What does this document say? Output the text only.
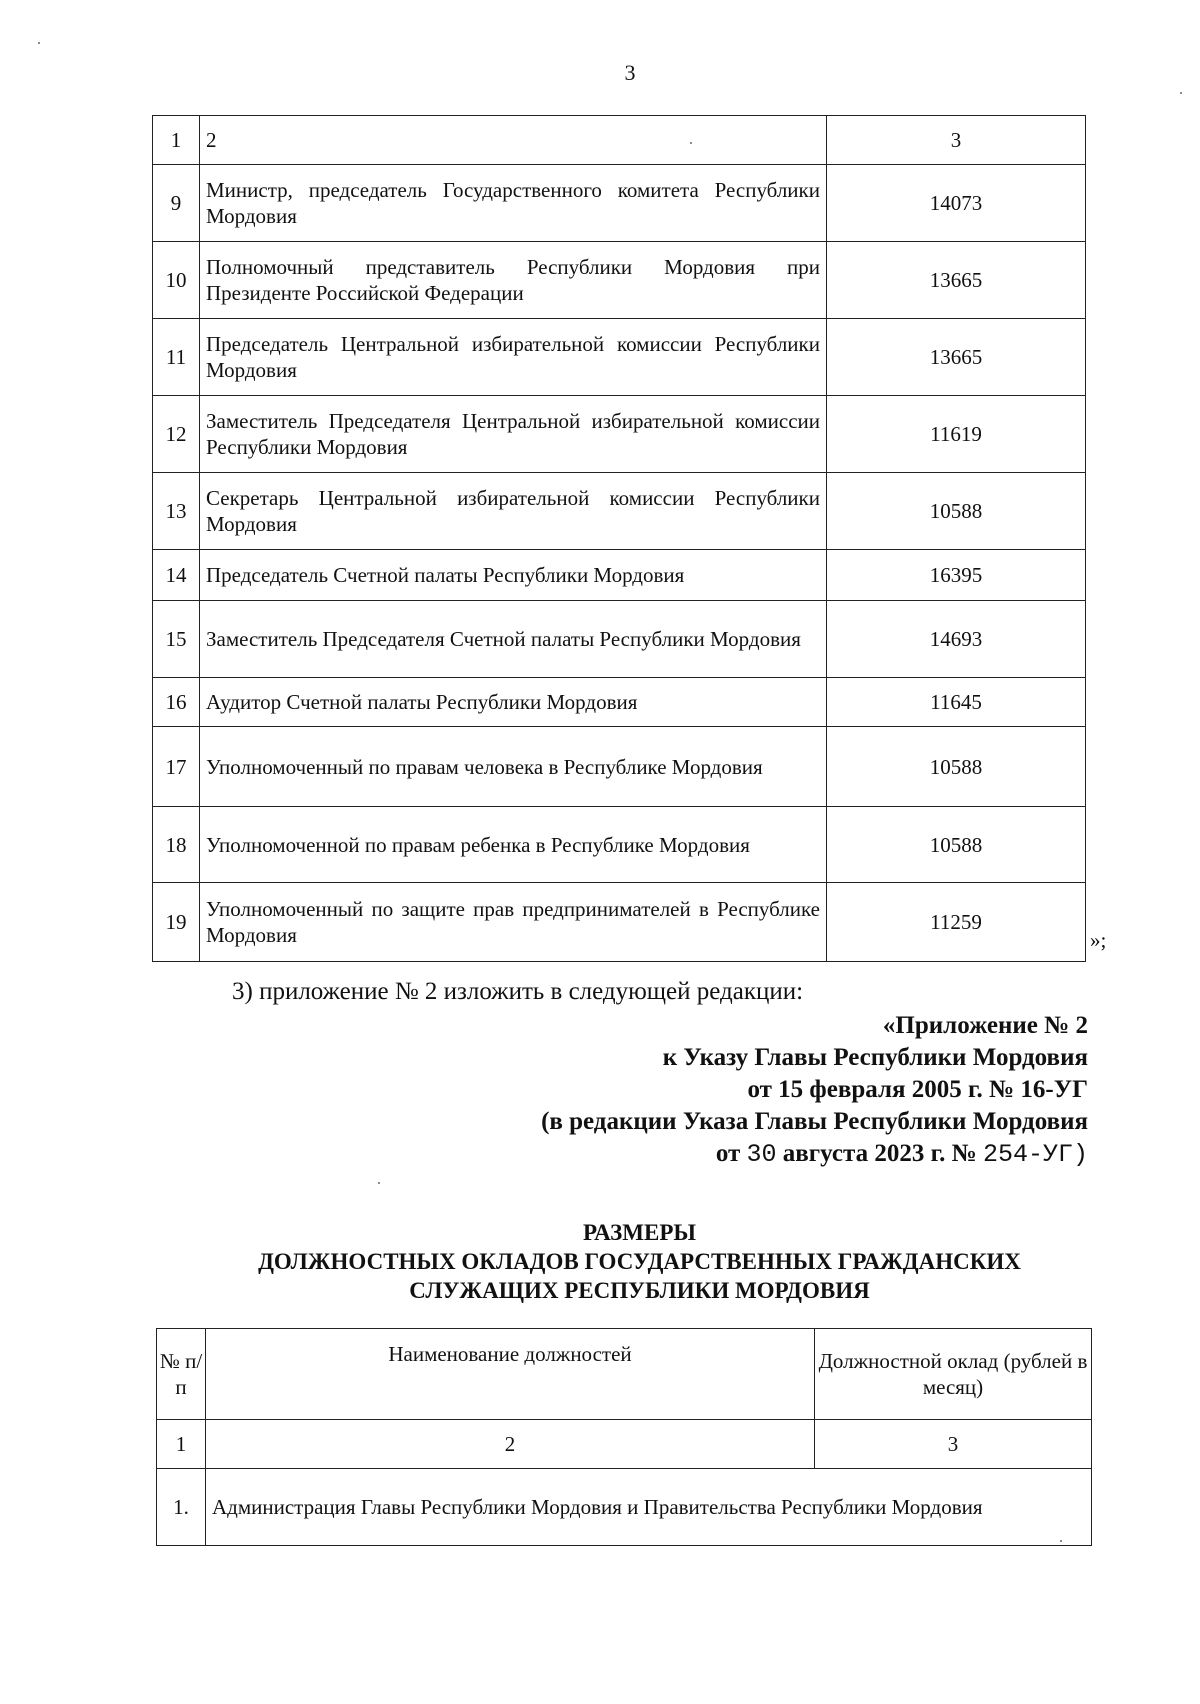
3
1	2	3
9	Министр, председатель Государственного комитета Республики Мордовия	14073
10	Полномочный представитель Республики Мордовия при Президенте Российской Федерации	13665
11	Председатель Центральной избирательной комиссии Республики Мордовия	13665
12	Заместитель Председателя Центральной избирательной комиссии Республики Мордовия	11619
13	Секретарь Центральной избирательной комиссии Республики Мордовия	10588
14	Председатель Счетной палаты Республики Мордовия	16395
15	Заместитель Председателя Счетной палаты Республики Мордовия	14693
16	Аудитор Счетной палаты Республики Мордовия	11645
17	Уполномоченный по правам человека в Республике Мордовия	10588
18	Уполномоченной по правам ребенка в Республике Мордовия	10588
19	Уполномоченный по защите прав предпринимателей в Республике Мордовия	11259
»;
3) приложение № 2 изложить в следующей редакции:
«Приложение № 2
к Указу Главы Республики Мордовия
от 15 февраля 2005 г. № 16-УГ
(в редакции Указа Главы Республики Мордовия
от 30 августа 2023 г. № 254-УГ)
РАЗМЕРЫ
ДОЛЖНОСТНЫХ ОКЛАДОВ ГОСУДАРСТВЕННЫХ ГРАЖДАНСКИХ
СЛУЖАЩИХ РЕСПУБЛИКИ МОРДОВИЯ
№ п/п	Наименование должностей	Должностной оклад (рублей в месяц)
1	2	3
1.	Администрация Главы Республики Мордовия и Правительства Республики Мордовия	
